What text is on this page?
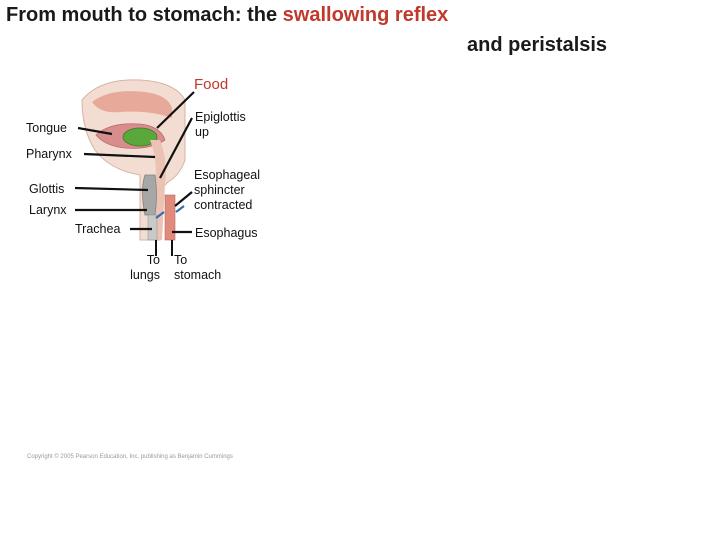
From mouth to stomach: the swallowing reflex
and peristalsis
Food
Epiglottis
up
Tongue
Pharynx
Esophageal
sphincter
contracted
Glottis
Larynx
Trachea	Esophagus
To
lungs
To
stomach
Copyright © 2005 Pearson Education, Inc. publishing as Benjamin Cummings
